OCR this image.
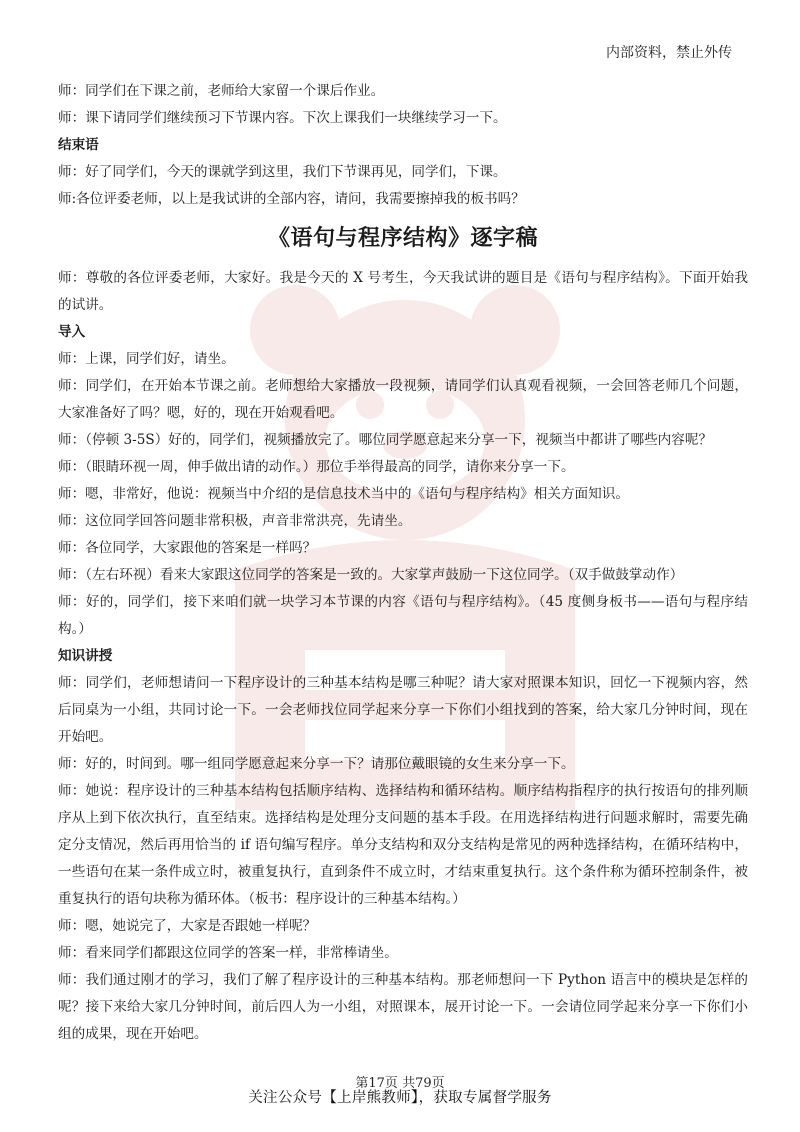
内部资料，禁止外传

师：同学们在下课之前，老师给大家留一个课后作业。

师：课下请同学们继续预习下节课内容。下次上课我们一块继续学习一下。

结束语

师：好了同学们，今天的课就学到这里，我们下节课再见，同学们，下课。

师:各位评委老师，以上是我试讲的全部内容，请问，我需要擦掉我的板书吗？

《语句与程序结构》逐字稿

师：尊敬的各位评委老师，大家好。我是今天的 X 号考生，今天我试讲的题目是《语句与程序结构》。下面开始我的试讲。

导入

师：上课，同学们好，请坐。

师：同学们，在开始本节课之前。老师想给大家播放一段视频，请同学们认真观看视频，一会回答老师几个问题，大家准备好了吗？嗯，好的，现在开始观看吧。

师：（停顿 3-5S）好的，同学们，视频播放完了。哪位同学愿意起来分享一下，视频当中都讲了哪些内容呢？

师：（眼睛环视一周，伸手做出请的动作。）那位手举得最高的同学，请你来分享一下。

师：嗯，非常好，他说：视频当中介绍的是信息技术当中的《语句与程序结构》相关方面知识。

师：这位同学回答问题非常积极，声音非常洪亮，先请坐。

师：各位同学，大家跟他的答案是一样吗？

师：（左右环视）看来大家跟这位同学的答案是一致的。大家掌声鼓励一下这位同学。（双手做鼓掌动作）

师：好的，同学们，接下来咱们就一块学习本节课的内容《语句与程序结构》。（45 度侧身板书——语句与程序结构。）

知识讲授

师：同学们，老师想请问一下程序设计的三种基本结构是哪三种呢？请大家对照课本知识，回忆一下视频内容，然后同桌为一小组，共同讨论一下。一会老师找位同学起来分享一下你们小组找到的答案，给大家几分钟时间，现在开始吧。

师：好的，时间到。哪一组同学愿意起来分享一下？请那位戴眼镜的女生来分享一下。

师：她说：程序设计的三种基本结构包括顺序结构、选择结构和循环结构。顺序结构指程序的执行按语句的排列顺序从上到下依次执行，直至结束。选择结构是处理分支问题的基本手段。在用选择结构进行问题求解时，需要先确定分支情况，然后再用恰当的 if 语句编写程序。单分支结构和双分支结构是常见的两种选择结构，在循环结构中，一些语句在某一条件成立时，被重复执行，直到条件不成立时，才结束重复执行。这个条件称为循环控制条件，被重复执行的语句块称为循环体。（板书：程序设计的三种基本结构。）

师：嗯，她说完了，大家是否跟她一样呢？

师：看来同学们都跟这位同学的答案一样，非常棒请坐。

师：我们通过刚才的学习，我们了解了程序设计的三种基本结构。那老师想问一下 Python 语言中的模块是怎样的呢？接下来给大家几分钟时间，前后四人为一小组，对照课本，展开讨论一下。一会请位同学起来分享一下你们小组的成果，现在开始吧。

第17页 共79页
关注公众号【上岸熊教师】，获取专属督学服务
